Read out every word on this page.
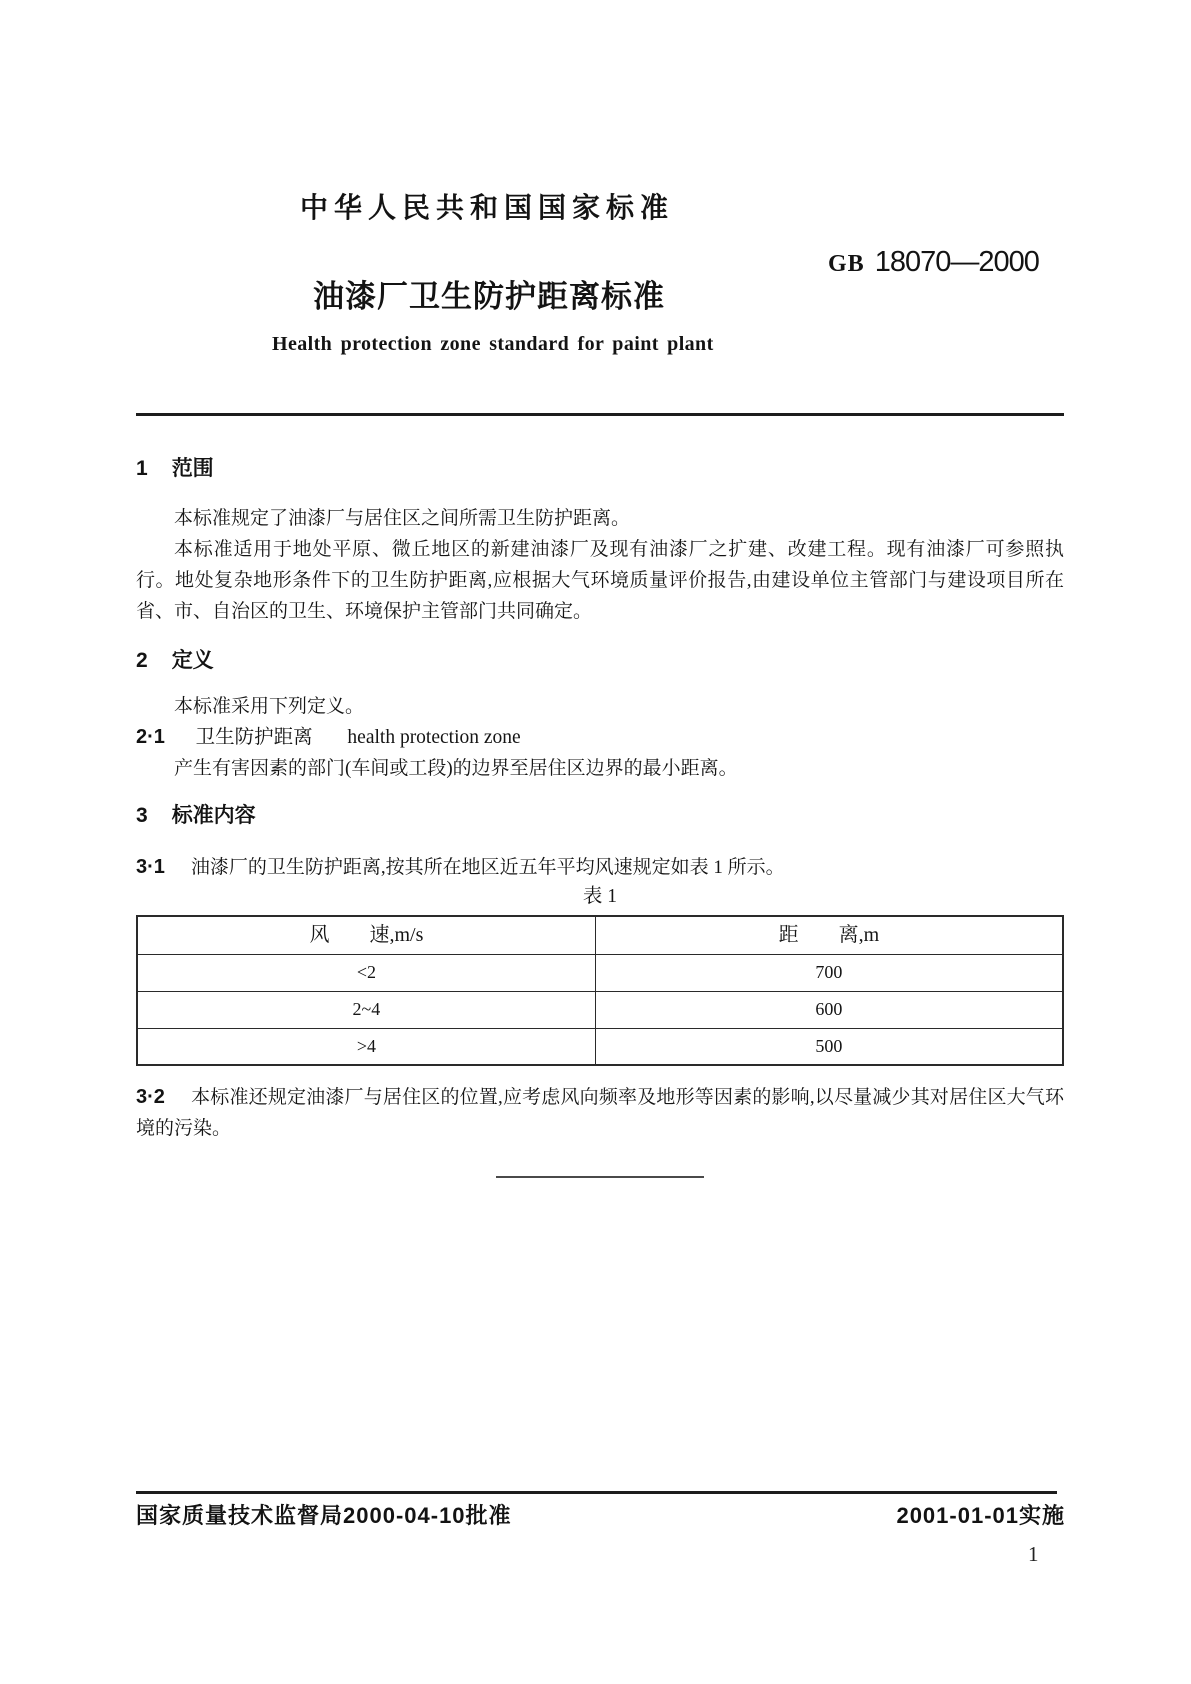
中华人民共和国国家标准
GB 18070—2000
油漆厂卫生防护距离标准
Health protection zone standard for paint plant
1 范围

本标准规定了油漆厂与居住区之间所需卫生防护距离。

本标准适用于地处平原、微丘地区的新建油漆厂及现有油漆厂之扩建、改建工程。现有油漆厂可参照执行。地处复杂地形条件下的卫生防护距离,应根据大气环境质量评价报告,由建设单位主管部门与建设项目所在省、市、自治区的卫生、环境保护主管部门共同确定。

2 定义

本标准采用下列定义。

2·1 卫生防护距离 health protection zone

产生有害因素的部门(车间或工段)的边界至居住区边界的最小距离。

3 标准内容
3·1 油漆厂的卫生防护距离,按其所在地区近五年平均风速规定如表 1 所示。
表 1
风　　速,m/s	距　　离,m
<2	700
2~4	600
>4	500
3·2 本标准还规定油漆厂与居住区的位置,应考虑风向频率及地形等因素的影响,以尽量减少其对居住区大气环境的污染。
国家质量技术监督局2000-04-10批准	2001-01-01实施
1
